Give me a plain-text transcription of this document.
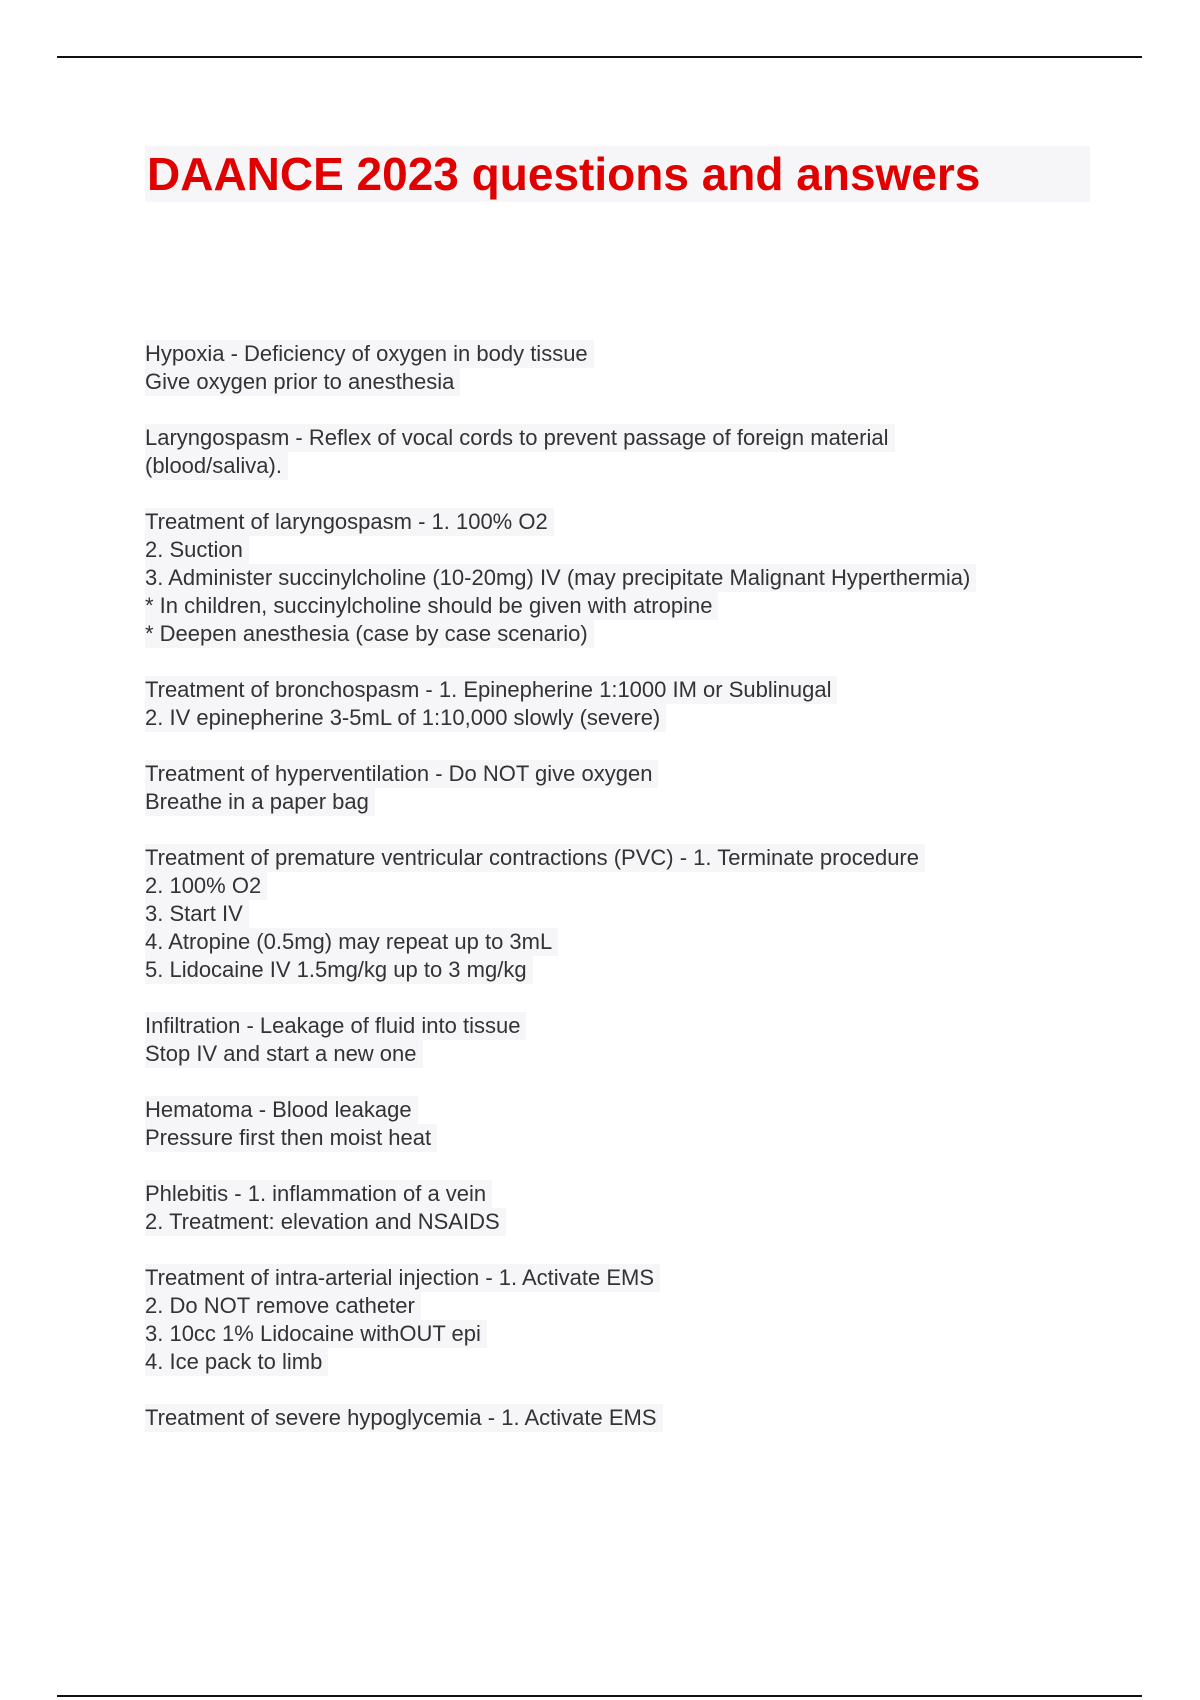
DAANCE 2023 questions and answers
Hypoxia - Deficiency of oxygen in body tissue
Give oxygen prior to anesthesia
Laryngospasm - Reflex of vocal cords to prevent passage of foreign material
(blood/saliva).
Treatment of laryngospasm - 1. 100% O2
2. Suction
3. Administer succinylcholine (10-20mg) IV (may precipitate Malignant Hyperthermia)
* In children, succinylcholine should be given with atropine
* Deepen anesthesia (case by case scenario)
Treatment of bronchospasm - 1. Epinepherine 1:1000 IM or Sublinugal
2. IV epinepherine 3-5mL of 1:10,000 slowly (severe)
Treatment of hyperventilation - Do NOT give oxygen
Breathe in a paper bag
Treatment of premature ventricular contractions (PVC) - 1. Terminate procedure
2. 100% O2
3. Start IV
4. Atropine (0.5mg) may repeat up to 3mL
5. Lidocaine IV 1.5mg/kg up to 3 mg/kg
Infiltration - Leakage of fluid into tissue
Stop IV and start a new one
Hematoma - Blood leakage
Pressure first then moist heat
Phlebitis - 1. inflammation of a vein
2. Treatment: elevation and NSAIDS
Treatment of intra-arterial injection - 1. Activate EMS
2. Do NOT remove catheter
3. 10cc 1% Lidocaine withOUT epi
4. Ice pack to limb
Treatment of severe hypoglycemia - 1. Activate EMS
